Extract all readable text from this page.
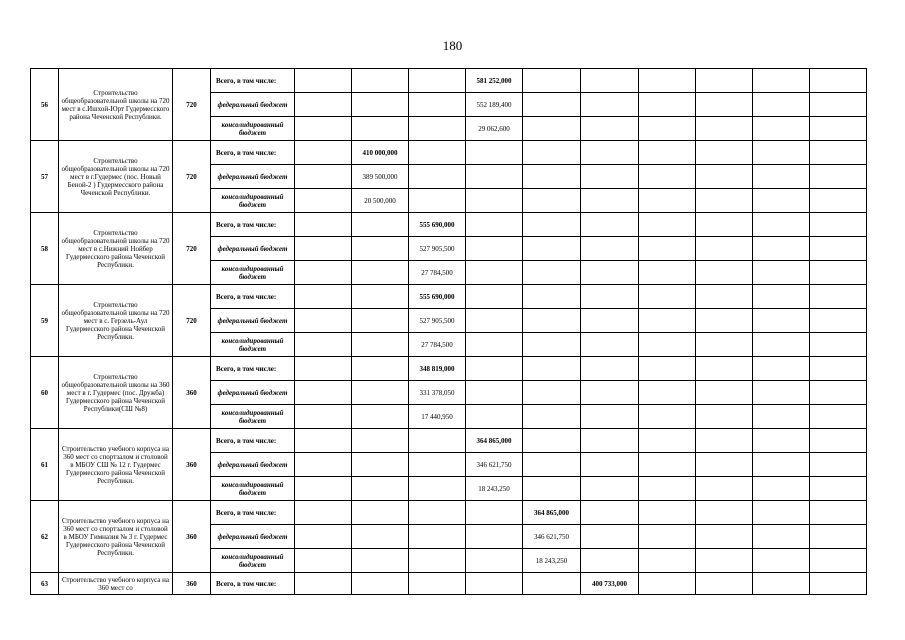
180
56	Строительство общеобразовательной школы на 720 мест в с.Ишхой-Юрт Гудермесского района Чеченской Республики.	720	Всего, в том числе:				581 252,000						
			федеральный бюджет				552 189,400						
			консолидированный бюджет				29 062,600						
57	Строительство общеобразовательной школы на 720 мест в г.Гудермес (пос. Новый Беной-2 ) Гудермесского района Чеченской Республики.	720	Всего, в том числе:		410 000,000								
			федеральный бюджет		389 500,000								
			консолидированный бюджет		20 500,000								
58	Строительство общеобразовательной школы на 720 мест в с.Нижний Нойбер Гудермесского района Чеченской Республики.	720	Всего, в том числе:			555 690,000							
			федеральный бюджет			527 905,500							
			консолидированный бюджет			27 784,500							
59	Строительство общеобразовательной школы на 720 мест в с. Герзель-Аул Гудермесского района Чеченской Республики.	720	Всего, в том числе:			555 690,000							
			федеральный бюджет			527 905,500							
			консолидированный бюджет			27 784,500							
60	Строительство общеобразовательной школы на 360 мест в г. Гудермес (пос. Дружба) Гудермесского района Чеченской Республики(СШ №8)	360	Всего, в том числе:			348 819,000							
			федеральный бюджет			331 378,050							
			консолидированный бюджет			17 440,950							
61	Строительство учебного корпуса на 360 мест со спортзалом и столовой в МБОУ СШ № 12 г. Гудермес Гудермесского района Чеченской Республики.	360	Всего, в том числе:				364 865,000						
			федеральный бюджет				346 621,750						
			консолидированный бюджет				18 243,250						
62	Строительство учебного корпуса на 360 мест со спортзалом и столовой в МБОУ Гимназия № 3 г. Гудермес Гудермесского района Чеченской Республики.	360	Всего, в том числе:					364 865,000					
			федеральный бюджет					346 621,750					
			консолидированный бюджет					18 243,250					
63	Строительство учебного корпуса на 360 мест со	360	Всего, в том числе:						400 733,000				
